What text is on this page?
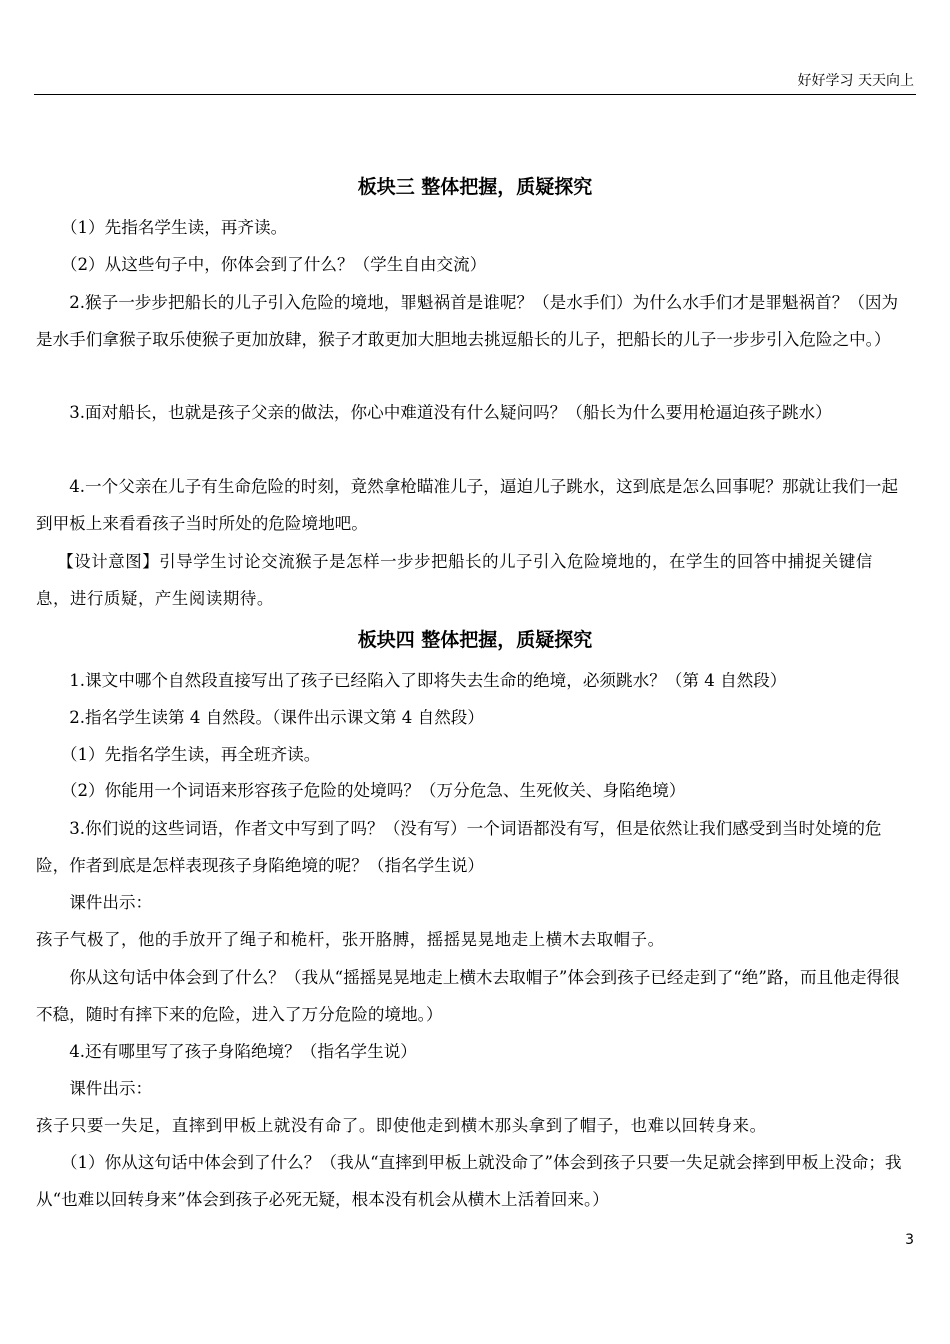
好好学习 天天向上
板块三 整体把握，质疑探究

（1）先指名学生读，再齐读。

（2）从这些句子中，你体会到了什么？（学生自由交流）

2.猴子一步步把船长的儿子引入危险的境地，罪魁祸首是谁呢？（是水手们）为什么水手们才是罪魁祸首？（因为是水手们拿猴子取乐使猴子更加放肆，猴子才敢更加大胆地去挑逗船长的儿子，把船长的儿子一步步引入危险之中。）

3.面对船长，也就是孩子父亲的做法，你心中难道没有什么疑问吗？（船长为什么要用枪逼迫孩子跳水）

4.一个父亲在儿子有生命危险的时刻，竟然拿枪瞄准儿子，逼迫儿子跳水，这到底是怎么回事呢？那就让我们一起到甲板上来看看孩子当时所处的危险境地吧。

【设计意图】引导学生讨论交流猴子是怎样一步步把船长的儿子引入危险境地的，在学生的回答中捕捉关键信息，进行质疑，产生阅读期待。

板块四 整体把握，质疑探究

1.课文中哪个自然段直接写出了孩子已经陷入了即将失去生命的绝境，必须跳水？（第 4 自然段）

2.指名学生读第 4 自然段。（课件出示课文第 4 自然段）

（1）先指名学生读，再全班齐读。

（2）你能用一个词语来形容孩子危险的处境吗？（万分危急、生死攸关、身陷绝境）

3.你们说的这些词语，作者文中写到了吗？（没有写）一个词语都没有写，但是依然让我们感受到当时处境的危险，作者到底是怎样表现孩子身陷绝境的呢？（指名学生说）

课件出示：

孩子气极了，他的手放开了绳子和桅杆，张开胳膊，摇摇晃晃地走上横木去取帽子。

你从这句话中体会到了什么？（我从“摇摇晃晃地走上横木去取帽子”体会到孩子已经走到了“绝”路，而且他走得很不稳，随时有摔下来的危险，进入了万分危险的境地。）

4.还有哪里写了孩子身陷绝境？（指名学生说）

课件出示：

孩子只要一失足，直摔到甲板上就没有命了。即使他走到横木那头拿到了帽子，也难以回转身来。

（1）你从这句话中体会到了什么？（我从“直摔到甲板上就没命了”体会到孩子只要一失足就会摔到甲板上没命；我从“也难以回转身来”体会到孩子必死无疑，根本没有机会从横木上活着回来。）

3
